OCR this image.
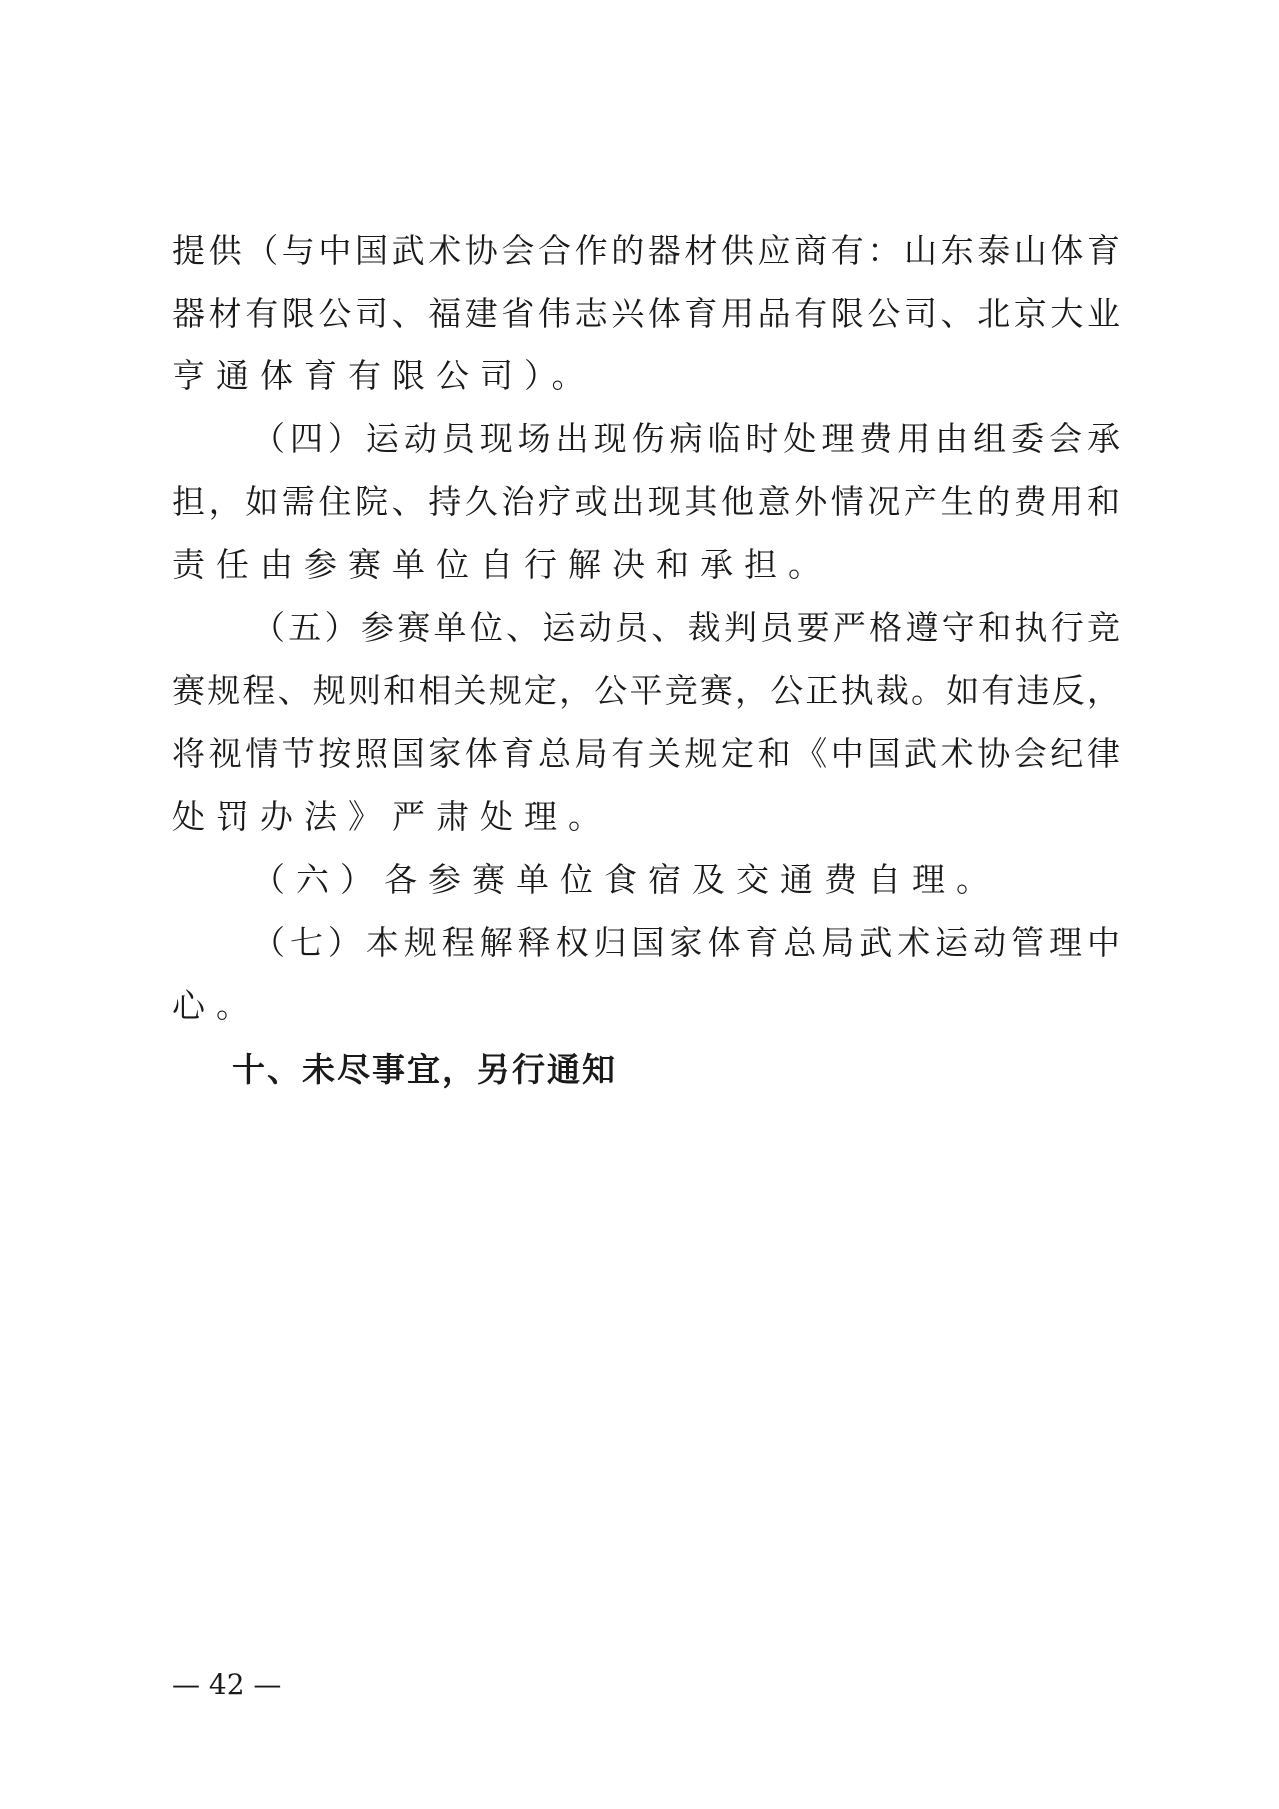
提供（与中国武术协会合作的器材供应商有：山东泰山体育
器材有限公司、福建省伟志兴体育用品有限公司、北京大业
亨通体育有限公司）。
（四）运动员现场出现伤病临时处理费用由组委会承
担，如需住院、持久治疗或出现其他意外情况产生的费用和
责任由参赛单位自行解决和承担。
（五）参赛单位、运动员、裁判员要严格遵守和执行竞
赛规程、规则和相关规定，公平竞赛，公正执裁。如有违反，
将视情节按照国家体育总局有关规定和《中国武术协会纪律
处罚办法》严肃处理。
（六）各参赛单位食宿及交通费自理。
（七）本规程解释权归国家体育总局武术运动管理中
心。
十、未尽事宜，另行通知
— 42 —
